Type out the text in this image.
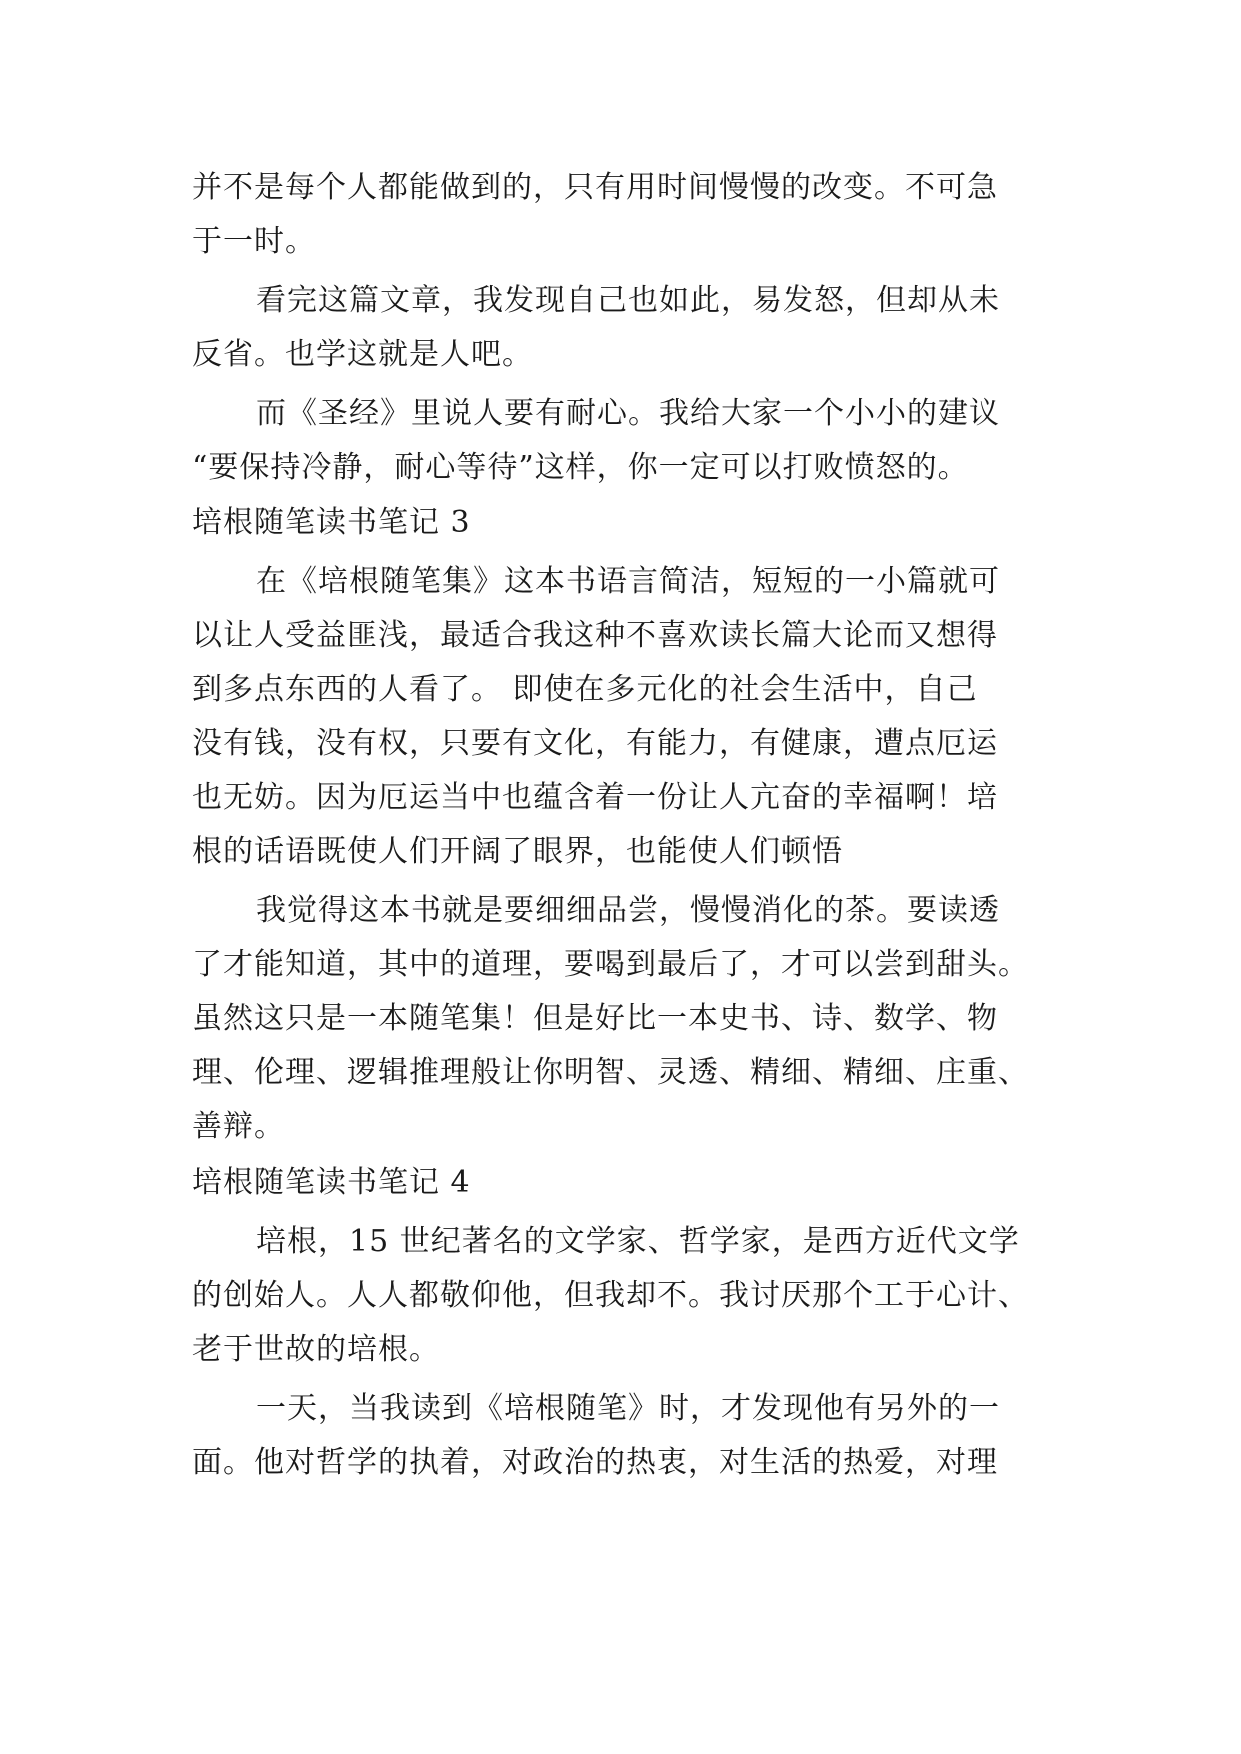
并不是每个人都能做到的，只有用时间慢慢的改变。不可急
于一时。
看完这篇文章，我发现自己也如此，易发怒，但却从未
反省。也学这就是人吧。
而《圣经》里说人要有耐心。我给大家一个小小的建议
“要保持冷静，耐心等待”这样，你一定可以打败愤怒的。
培根随笔读书笔记 3
在《培根随笔集》这本书语言简洁，短短的一小篇就可
以让人受益匪浅，最适合我这种不喜欢读长篇大论而又想得
到多点东西的人看了。 即使在多元化的社会生活中，自己
没有钱，没有权，只要有文化，有能力，有健康，遭点厄运
也无妨。因为厄运当中也蕴含着一份让人亢奋的幸福啊！培
根的话语既使人们开阔了眼界，也能使人们顿悟
我觉得这本书就是要细细品尝，慢慢消化的茶。要读透
了才能知道，其中的道理，要喝到最后了，才可以尝到甜头。
虽然这只是一本随笔集！但是好比一本史书、诗、数学、物
理、伦理、逻辑推理般让你明智、灵透、精细、精细、庄重、
善辩。
培根随笔读书笔记 4
培根，15 世纪著名的文学家、哲学家，是西方近代文学
的创始人。人人都敬仰他，但我却不。我讨厌那个工于心计、
老于世故的培根。
一天，当我读到《培根随笔》时，才发现他有另外的一
面。他对哲学的执着，对政治的热衷，对生活的热爱，对理
